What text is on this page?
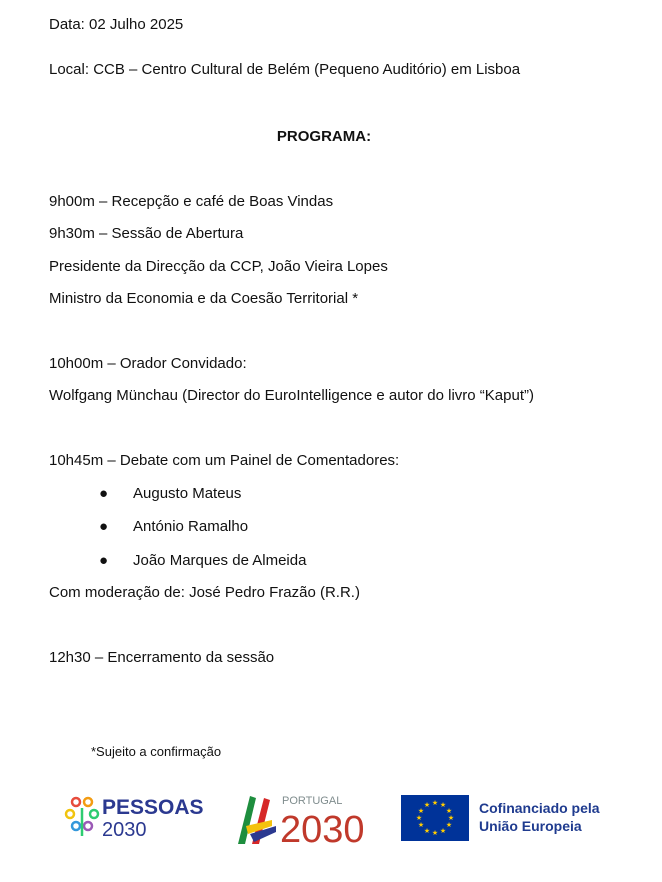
Data: 02 Julho 2025
Local: CCB – Centro Cultural de Belém (Pequeno Auditório) em Lisboa
PROGRAMA:
9h00m – Recepção e café de Boas Vindas
9h30m – Sessão de Abertura
Presidente da Direcção da CCP, João Vieira Lopes
Ministro da Economia e da Coesão Territorial *
10h00m – Orador Convidado:
Wolfgang Münchau (Director do EuroIntelligence e autor do livro “Kaput”)
10h45m – Debate com um Painel de Comentadores:
● Augusto Mateus
● António Ramalho
● João Marques de Almeida
Com moderação de: José Pedro Frazão (R.R.)
12h30 – Encerramento da sessão
*Sujeito a confirmação
PESSOAS
2030
PORTUGAL
2030
★ ★
★
★
★
★
★
★
★
★
★
★	Cofinanciado pela
União Europeia
